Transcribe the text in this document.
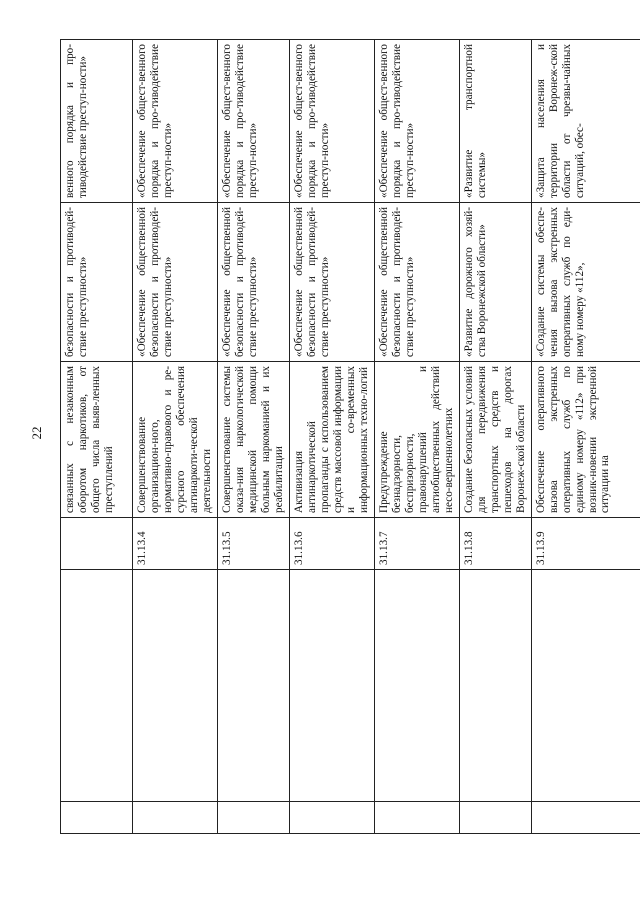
22
				связанных с незаконным оборотом наркотиков, от общего числа выяв-ленных преступлений	безопасности и противодей-ствие преступности»	венного порядка и про-тиводействие преступ-ности»
		31.13.4	Совершенствование организацион-ного, нормативно-правового и ре-сурсного обеспечения антинаркоти-ческой деятельности	«Обеспечение общественной безопасности и противодей-ствие преступности»	«Обеспечение общест-венного порядка и про-тиводействие преступ-ности»
		31.13.5	Совершенствование системы оказа-ния наркологической медицинской помощи больным наркоманией и их реабилитации	«Обеспечение общественной безопасности и противодей-ствие преступности»	«Обеспечение общест-венного порядка и про-тиводействие преступ-ности»
		31.13.6	Активизация антинаркотической пропаганды с использованием средств массовой информации и со-временных информационных техно-логий	«Обеспечение общественной безопасности и противодей-ствие преступности»	«Обеспечение общест-венного порядка и про-тиводействие преступ-ности»
		31.13.7	Предупреждение безнадзорности, беспризорности, правонарушений и антиобщественных действий несо-вершеннолетних	«Обеспечение общественной безопасности и противодей-ствие преступности»	«Обеспечение общест-венного порядка и про-тиводействие преступ-ности»
		31.13.8	Создание безопасных условий для передвижения транспортных средств и пешеходов на дорогах Воронеж-ской области	«Развитие дорожного хозяй-ства Воронежской области»	«Развитие транспортной системы»
		31.13.9	Обеспечение оперативного вызова экстренных оперативных служб по единому номеру «112» при возник-новении экстренной ситуации на	«Создание системы обеспе-чения вызова экстренных оперативных служб по еди-ному номеру «112»,	«Защита населения и территории Воронеж-ской области от чрезвы-чайных ситуаций, обес-
